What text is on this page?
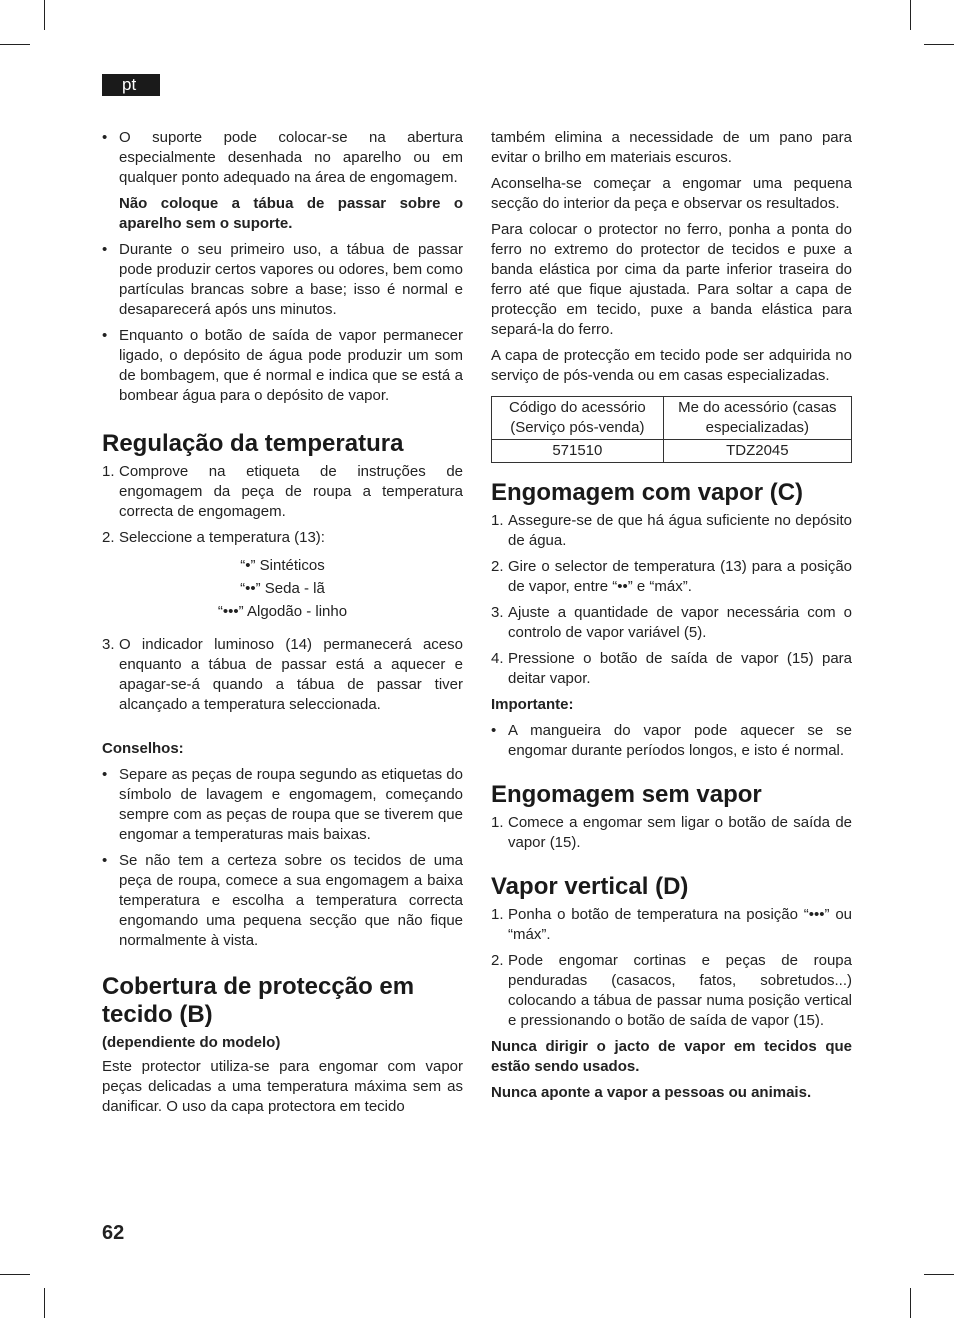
pt
• O suporte pode colocar-se na abertura especialmente desenhada no aparelho ou em qualquer ponto adequado na área de engomagem.

Não coloque a tábua de passar sobre o aparelho sem o suporte.

• Durante o seu primeiro uso, a tábua de passar pode produzir certos vapores ou odores, bem como partículas brancas sobre a base; isso é normal e desaparecerá após uns minutos.
• Enquanto o botão de saída de vapor permanecer ligado, o depósito de água pode produzir um som de bombagem, que é normal e indica que se está a bombear água para o depósito de vapor.
Regulação da temperatura
1. Comprove na etiqueta de instruções de engomagem da peça de roupa a temperatura correcta de engomagem.
2. Seleccione a temperatura (13):
“•” Sintéticos
“••” Seda - lã
“•••” Algodão - linho
3. O indicador luminoso (14) permanecerá aceso enquanto a tábua de passar está a aquecer e apagar-se-á quando a tábua de passar tiver alcançado a temperatura seleccionada.
Conselhos:
• Separe as peças de roupa segundo as etiquetas do símbolo de lavagem e engomagem, começando sempre com as peças de roupa que se tiverem que engomar a temperaturas mais baixas.
• Se não tem a certeza sobre os tecidos de uma peça de roupa, comece a sua engomagem a baixa temperatura e escolha a temperatura correcta engomando uma pequena secção que não fique normalmente à vista.
Cobertura de protecção em tecido (B)

(dependiente do modelo)

Este protector utiliza-se para engomar com vapor peças delicadas a uma temperatura máxima sem as danificar. O uso da capa protectora em tecido

também elimina a necessidade de um pano para evitar o brilho em materiais escuros.

Aconselha-se começar a engomar uma pequena secção do interior da peça e observar os resultados.

Para colocar o protector no ferro, ponha a ponta do ferro no extremo do protector de tecidos e puxe a banda elástica por cima da parte inferior traseira do ferro até que fique ajustada. Para soltar a capa de protecção em tecido, puxe a banda elástica para separá-la do ferro.

A capa de protecção em tecido pode ser adquirida no serviço de pós-venda ou em casas especializadas.

Código do acessório (Serviço pós-venda)	Me do acessório (casas especializadas)
571510	TDZ2045
Engomagem com vapor (C)
1. Assegure-se de que há água suficiente no depósito de água.
2. Gire o selector de temperatura (13) para a posição de vapor, entre “••” e “máx”.
3. Ajuste a quantidade de vapor necessária com o controlo de vapor variável (5).
4. Pressione o botão de saída de vapor (15) para deitar vapor.

Importante:

• A mangueira do vapor pode aquecer se se engomar durante períodos longos, e isto é normal.
Engomagem sem vapor
1. Comece a engomar sem ligar o botão de saída de vapor (15).
Vapor vertical (D)
1. Ponha o botão de temperatura na posição “•••” ou “máx”.
2. Pode engomar cortinas e peças de roupa penduradas (casacos, fatos, sobretudos...) colocando a tábua de passar numa posição vertical e pressionando o botão de saída de vapor (15).

Nunca dirigir o jacto de vapor em tecidos que estão sendo usados.

Nunca aponte a vapor a pessoas ou animais.

62
